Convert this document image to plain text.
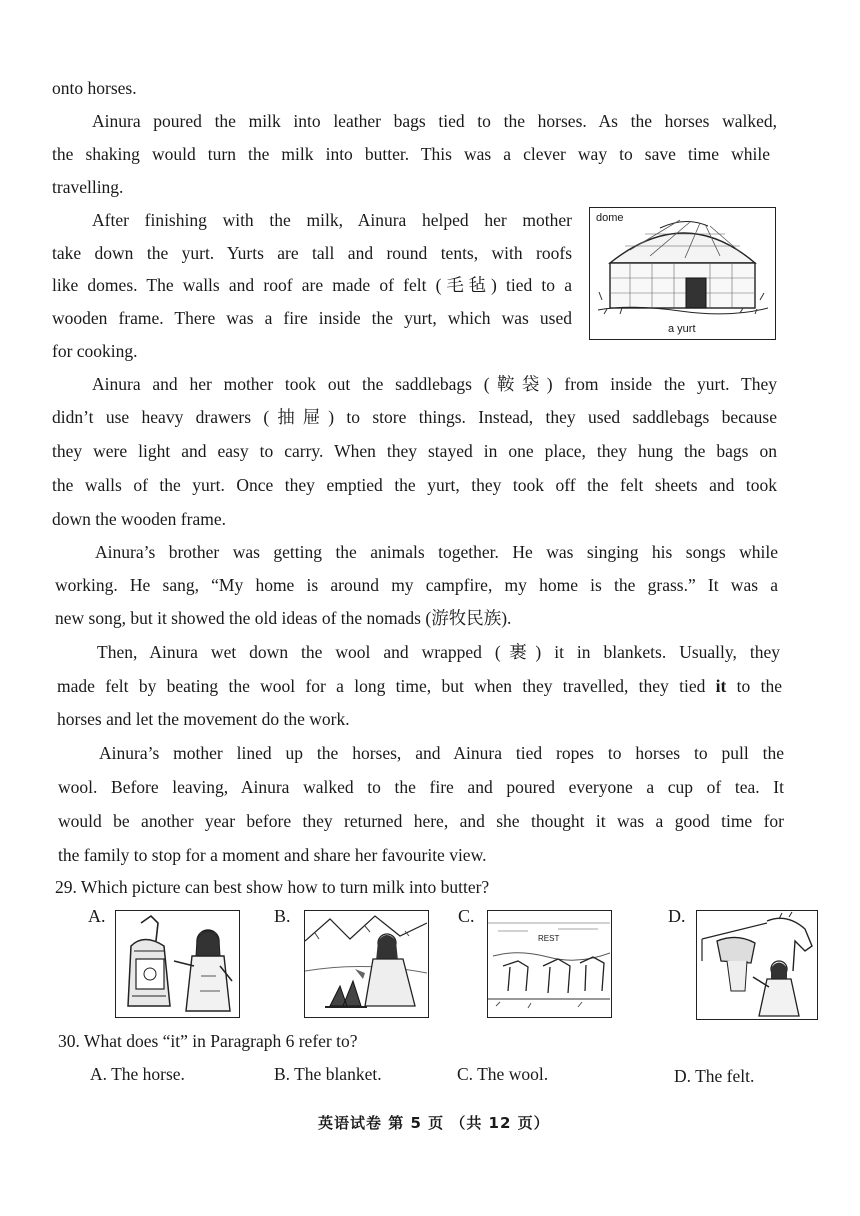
onto horses.
Ainura poured the milk into leather bags tied to the horses. As the horses walked,
the shaking would turn the milk into butter. This was a clever way to save time while
travelling.
After finishing with the milk, Ainura helped her mother
take down the yurt. Yurts are tall and round tents, with roofs
like domes. The walls and roof are made of felt (毛毡) tied to a
wooden frame. There was a fire inside the yurt, which was used
for cooking.
Ainura and her mother took out the saddlebags (鞍袋) from inside the yurt. They
didn’t use heavy drawers (抽屉) to store things. Instead, they used saddlebags because
they were light and easy to carry. When they stayed in one place, they hung the bags on
the walls of the yurt. Once they emptied the yurt, they took off the felt sheets and took
down the wooden frame.
Ainura’s brother was getting the animals together. He was singing his songs while
working. He sang, “My home is around my campfire, my home is the grass.” It was a
new song, but it showed the old ideas of the nomads (游牧民族).
Then, Ainura wet down the wool and wrapped (裹) it in blankets. Usually, they
made felt by beating the wool for a long time, but when they travelled, they tied it to the
horses and let the movement do the work.
Ainura’s mother lined up the horses, and Ainura tied ropes to horses to pull the
wool. Before leaving, Ainura walked to the fire and poured everyone a cup of tea. It
would be another year before they returned here, and she thought it was a good time for
the family to stop for a moment and share her favourite view.
dome
a yurt
29. Which picture can best show how to turn milk into butter?
A.	B.	C.
REST
D.
30. What does “it” in Paragraph 6 refer to?
A. The horse.	B. The blanket.	C. The wool.	D. The felt.
英语试卷 第 5 页 （共 12 页）
